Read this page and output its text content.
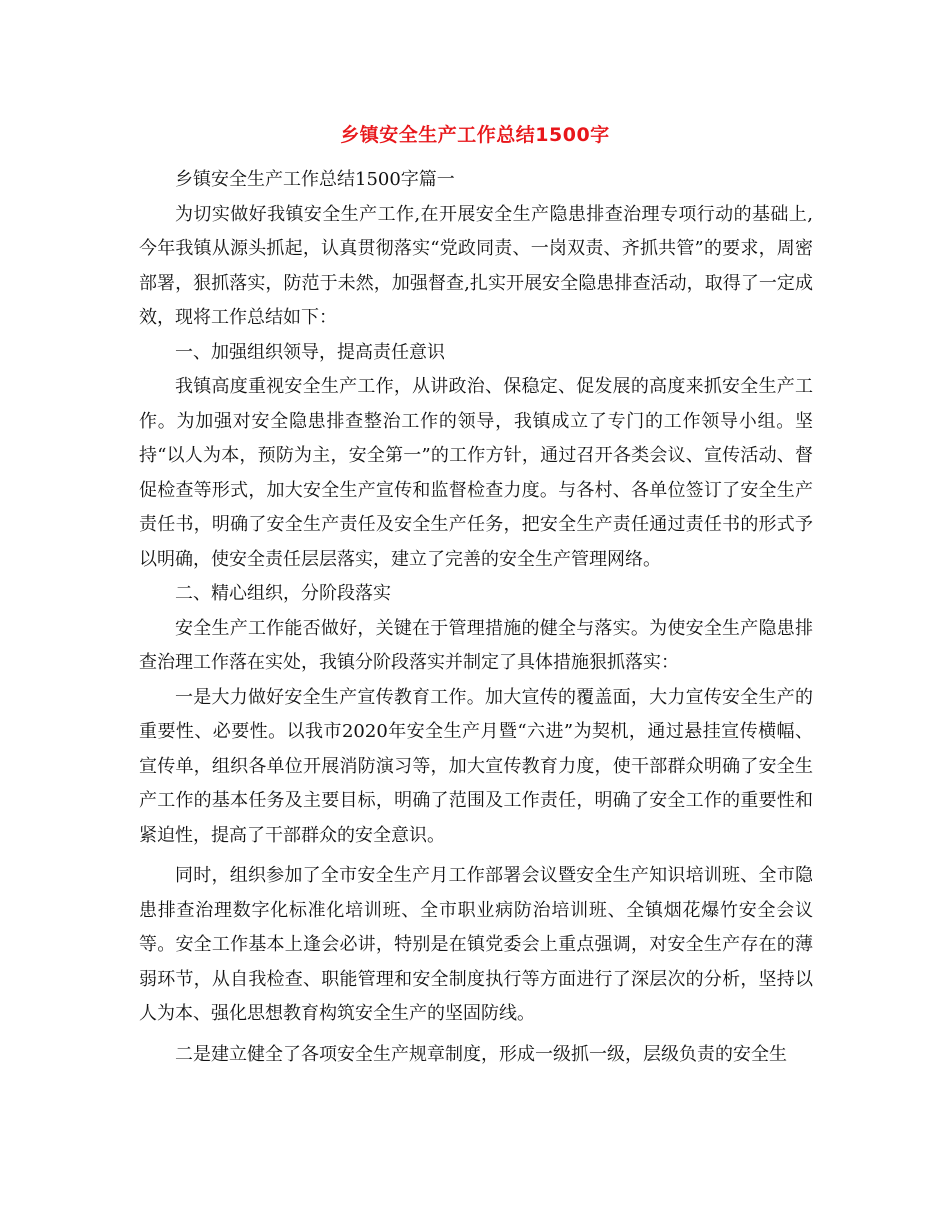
乡镇安全生产工作总结1500字

乡镇安全生产工作总结1500字篇一

为切实做好我镇安全生产工作,在开展安全生产隐患排查治理专项行动的基础上,今年我镇从源头抓起，认真贯彻落实“党政同责、一岗双责、齐抓共管”的要求，周密部署，狠抓落实，防范于未然，加强督查,扎实开展安全隐患排查活动，取得了一定成效，现将工作总结如下：

一、加强组织领导，提高责任意识

我镇高度重视安全生产工作，从讲政治、保稳定、促发展的高度来抓安全生产工作。为加强对安全隐患排查整治工作的领导，我镇成立了专门的工作领导小组。坚持“以人为本，预防为主，安全第一”的工作方针，通过召开各类会议、宣传活动、督促检查等形式，加大安全生产宣传和监督检查力度。与各村、各单位签订了安全生产责任书，明确了安全生产责任及安全生产任务，把安全生产责任通过责任书的形式予以明确，使安全责任层层落实，建立了完善的安全生产管理网络。

二、精心组织，分阶段落实

安全生产工作能否做好，关键在于管理措施的健全与落实。为使安全生产隐患排查治理工作落在实处，我镇分阶段落实并制定了具体措施狠抓落实：

一是大力做好安全生产宣传教育工作。加大宣传的覆盖面，大力宣传安全生产的重要性、必要性。以我市2020年安全生产月暨“六进”为契机，通过悬挂宣传横幅、宣传单，组织各单位开展消防演习等，加大宣传教育力度，使干部群众明确了安全生产工作的基本任务及主要目标，明确了范围及工作责任，明确了安全工作的重要性和紧迫性，提高了干部群众的安全意识。

同时，组织参加了全市安全生产月工作部署会议暨安全生产知识培训班、全市隐患排查治理数字化标准化培训班、全市职业病防治培训班、全镇烟花爆竹安全会议等。安全工作基本上逢会必讲，特别是在镇党委会上重点强调，对安全生产存在的薄弱环节，从自我检查、职能管理和安全制度执行等方面进行了深层次的分析，坚持以人为本、强化思想教育构筑安全生产的坚固防线。

二是建立健全了各项安全生产规章制度，形成一级抓一级，层级负责的安全生
